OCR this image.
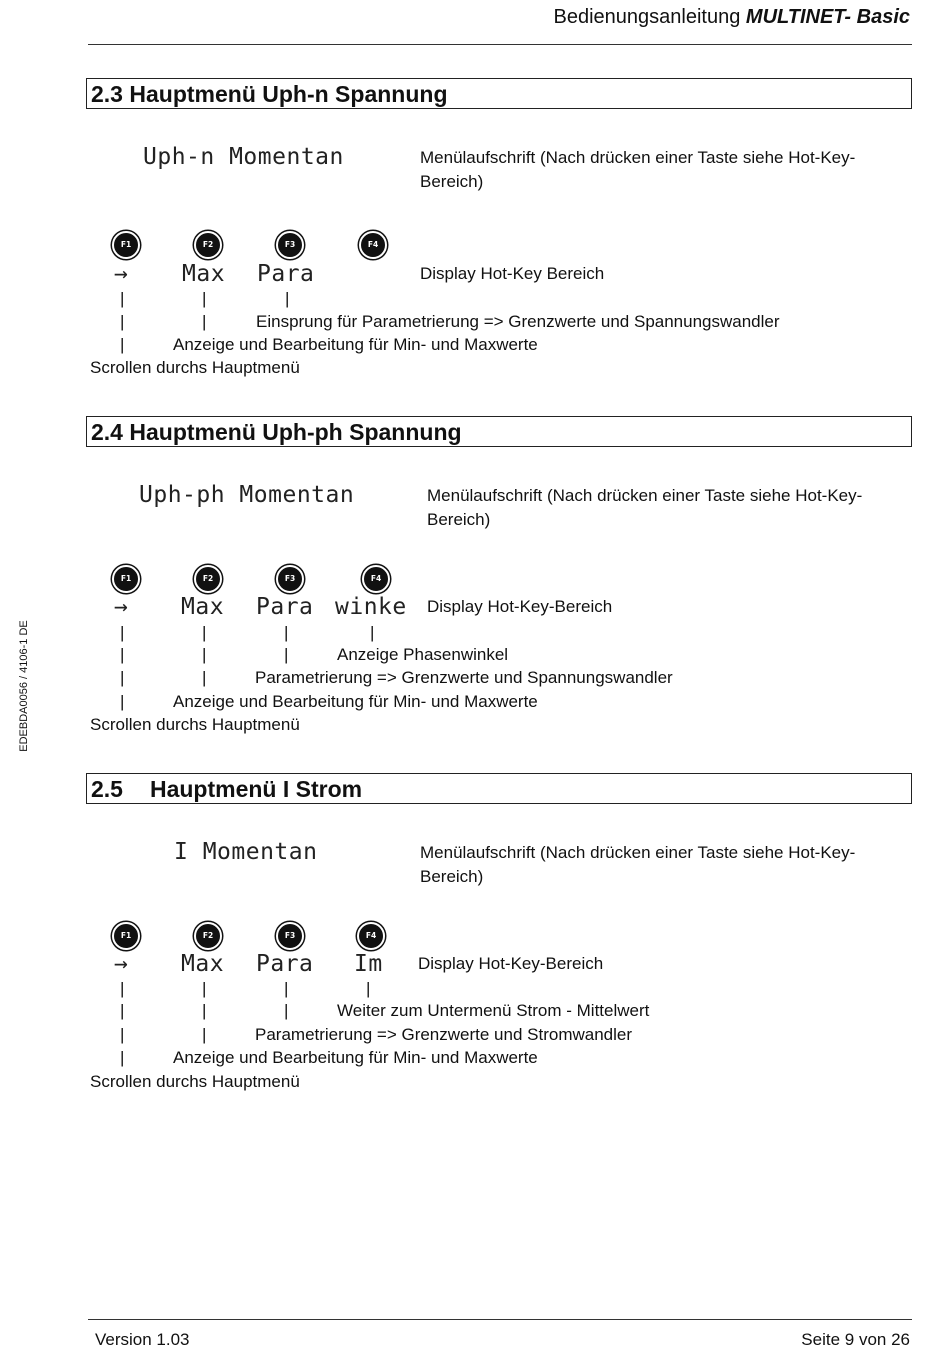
Bedienungsanleitung MULTINET- Basic
EDEBDA0056 / 4106-1 DE
2.3 Hauptmenü Uph-n Spannung
Uph-n Momentan	Menülaufschrift (Nach drücken einer Taste siehe Hot-Key-Bereich)
F1	F2	F3	F4
→ Max Para	Display Hot-Key Bereich
|	|	|
|	|	Einsprung für Parametrierung => Grenzwerte und Spannungswandler
|	Anzeige und Bearbeitung für Min- und Maxwerte
Scrollen durchs Hauptmenü
2.4 Hauptmenü Uph-ph Spannung
Uph-ph Momentan	Menülaufschrift (Nach drücken einer Taste siehe Hot-Key-Bereich)
F1	F2	F3	F4
→ Max Para winke Display Hot-Key-Bereich
|	|	|	|
|	|	|	Anzeige Phasenwinkel
|	|	Parametrierung => Grenzwerte und Spannungswandler
|	Anzeige und Bearbeitung für Min- und Maxwerte
Scrollen durchs Hauptmenü
2.5 Hauptmenü I Strom
I Momentan	Menülaufschrift (Nach drücken einer Taste siehe Hot-Key-Bereich)
F1	F2	F3	F4
→ Max Para Im Display Hot-Key-Bereich
|	|	|	|
|	|	|	Weiter zum Untermenü Strom - Mittelwert
|	|	Parametrierung => Grenzwerte und Stromwandler
|	Anzeige und Bearbeitung für Min- und Maxwerte
Scrollen durchs Hauptmenü
Version 1.03	Seite 9 von 26
